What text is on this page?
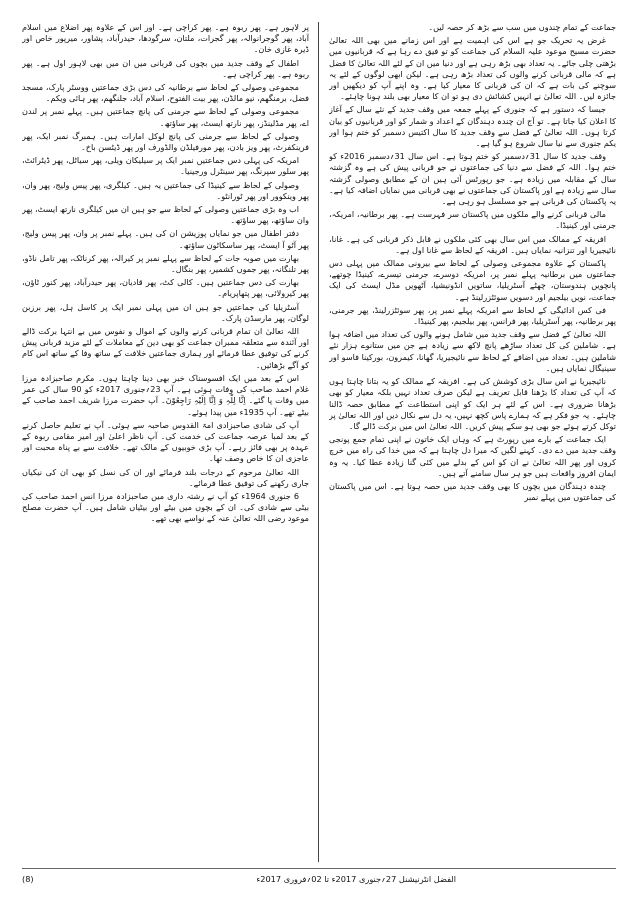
جماعت کے تمام چندوں میں سب سے بڑھ کر حصہ لیں۔

غرض یہ تحریک جو ہے اس کی اہمیت ہے اور اس زمانے میں بھی اللہ تعالیٰ حضرت مسیح موعود علیہ السلام کی جماعت کو تو فیق دے رہا ہے کہ قربانیوں میں بڑھتی چلی جائے۔ یہ تعداد بھی بڑھ رہی ہے اور دنیا میں ان کے لئے اللہ تعالیٰ کا فضل ہے کہ مالی قربانی کرنے والوں کی تعداد بڑھ رہی ہے۔ لیکن ابھی لوگوں کے لئے یہ سوچنے کی بات ہے کہ ان کی قربانی کا معیار کیا ہے۔ وہ اپنے آپ کو دیکھیں اور جائزہ لیں۔ اللہ تعالیٰ نے انہیں کشائش دی ہو تو ان کا معیار بھی بلند ہونا چاہئے۔

جیسا کہ دستور ہے کہ جنوری کے پہلے جمعہ میں وقف جدید کے نئے سال کے آغاز کا اعلان کیا جاتا ہے۔ تو آج ان چندہ دہندگان کے اعداد و شمار کو اور قربانیوں کو بیان کرتا ہوں۔ اللہ تعالیٰ کے فضل سے وقف جدید کا سال اکتیس دسمبر کو ختم ہوا اور یکم جنوری سے نیا سال شروع ہو گیا ہے۔

وقف جدید کا سال 31؍دسمبر کو ختم ہوتا ہے۔ اس سال 31؍دسمبر 2016ء کو ختم ہوا۔ اللہ کے فضل سے دنیا کی جماعتوں نے جو قربانی پیش کی ہے وہ گزشتہ سال کے مقابلہ میں زیادہ ہے۔ جو رپورٹس آئی ہیں ان کے مطابق وصولی گزشتہ سال سے زیادہ ہے اور پاکستان کی جماعتوں نے بھی قربانی میں نمایاں اضافہ کیا ہے۔ یہ پاکستان کی قربانی ہے جو مسلسل ہو رہی ہے۔

مالی قربانی کرنے والے ملکوں میں پاکستان سر فہرست ہے۔ پھر برطانیہ، امریکہ، جرمنی اور کینیڈا۔

افریقہ کے ممالک میں اس سال بھی کئی ملکوں نے قابل ذکر قربانی کی ہے۔ غانا، نائیجیریا اور تنزانیہ نمایاں ہیں۔ افریقہ کے لحاظ سے غانا اول ہے۔

پاکستان کے علاوہ مجموعی وصولی کے لحاظ سے بیرونی ممالک میں پہلی دس جماعتوں میں برطانیہ پہلے نمبر پر، امریکہ دوسرے، جرمنی تیسرے، کینیڈا چوتھے، پانچویں ہندوستان، چھٹے آسٹریلیا، ساتویں انڈونیشیا، آٹھویں مڈل ایسٹ کی ایک جماعت، نویں بیلجیم اور دسویں سوئٹزرلینڈ ہے۔

فی کس ادائیگی کے لحاظ سے امریکہ پہلے نمبر پر، پھر سوئٹزرلینڈ، پھر جرمنی، پھر برطانیہ، پھر آسٹریلیا، پھر فرانس، پھر بیلجیم، پھر کینیڈا۔

اللہ تعالیٰ کے فضل سے وقف جدید میں شامل ہونے والوں کی تعداد میں اضافہ ہوا ہے۔ شاملین کی کل تعداد ساڑھے پانچ لاکھ سے زیادہ ہے جن میں ستانوے ہزار نئے شاملین ہیں۔ تعداد میں اضافے کے لحاظ سے نائیجیریا، گھانا، کیمرون، بورکینا فاسو اور سینیگال نمایاں ہیں۔

نائیجیریا نے اس سال بڑی کوشش کی ہے۔ افریقہ کے ممالک کو یہ بتانا چاہتا ہوں کہ آپ کی تعداد کا بڑھنا قابل تعریف ہے لیکن صرف تعداد نہیں بلکہ معیار کو بھی بڑھانا ضروری ہے۔ اس کے لئے ہر ایک کو اپنی استطاعت کے مطابق حصہ ڈالنا چاہئے۔ یہ جو فکر ہے کہ ہمارے پاس کچھ نہیں، یہ دل سے نکال دیں اور اللہ تعالیٰ پر توکل کرتے ہوئے جو بھی ہو سکے پیش کریں۔ اللہ تعالیٰ اس میں برکت ڈالے گا۔

ایک جماعت کے بارے میں رپورٹ ہے کہ وہاں ایک خاتون نے اپنی تمام جمع پونجی وقف جدید میں دے دی۔ کہنے لگیں کہ میرا دل چاہتا ہے کہ میں خدا کی راہ میں خرچ کروں اور پھر اللہ تعالیٰ نے ان کو اس کے بدلے میں کئی گنا زیادہ عطا کیا۔ یہ وہ ایمان افروز واقعات ہیں جو ہر سال سامنے آتے ہیں۔

چندہ دہندگان میں بچوں کا بھی وقف جدید میں حصہ ہوتا ہے۔ اس میں پاکستان کی جماعتوں میں پہلے نمبر

پر لاہور ہے۔ پھر ربوہ ہے۔ پھر کراچی ہے۔ اور اس کے علاوہ پھر اضلاع میں اسلام آباد، پھر گوجرانوالہ، پھر گجرات، ملتان، سرگودھا، حیدرآباد، پشاور، میرپور خاص اور ڈیرہ غازی خان۔

اطفال کے وقف جدید میں بچوں کی قربانی میں ان میں بھی لاہور اول ہے۔ پھر ربوہ ہے۔ پھر کراچی ہے۔

مجموعی وصولی کے لحاظ سے برطانیہ کی دس بڑی جماعتیں ووسٹر پارک، مسجد فضل، برمنگھم، نیو مالڈن، پھر بیت الفتوح، اسلام آباد، جلنگھم، پھر ہائی ویکم۔

مجموعی وصولی کے لحاظ سے جرمنی کی پانچ جماعتیں ہیں۔ پہلے نمبر پر لندن اے، پھر مڈلینڈز، پھر نارتھ ایسٹ، پھر ساؤتھ۔

وصولی کے لحاظ سے جرمنی کی پانچ لوکل امارات ہیں۔ ہمبرگ نمبر ایک، پھر فرینکفرٹ، پھر ویز بادن، پھر مورفیلڈن والڈورف اور پھر ڈیٹسن باخ۔

امریکہ کی پہلی دس جماعتیں نمبر ایک پر سیلیکان ویلی، پھر سیاٹل، پھر ڈیٹرائٹ، پھر سلور سپرنگ، پھر سینٹرل ورجینیا۔

وصولی کے لحاظ سے کینیڈا کی جماعتیں یہ ہیں۔ کیلگری، پھر پیس ولیج، پھر وان، پھر وینکوور اور پھر ٹورانٹو۔

اب وہ بڑی جماعتیں وصولی کے لحاظ سے جو ہیں ان میں کیلگری نارتھ ایسٹ، پھر وان ساؤتھ، پھر ساؤتھ۔

دفتر اطفال میں جو نمایاں پوزیشن ان کی ہیں۔ پہلے نمبر پر وان، پھر پیس ولیج، پھر آٹو آ ایسٹ، پھر ساسکاٹون ساؤتھ۔

بھارت میں صوبہ جات کے لحاظ سے پہلے نمبر پر کیرالہ، پھر کرناٹک، پھر تامل ناڈو، پھر تلنگانہ، پھر جموں کشمیر، پھر بنگال۔

بھارت کی دس جماعتیں ہیں۔ کالی کٹ، پھر قادیان، پھر حیدرآباد، پھر کنور ٹاؤن، پھر کیرولائی، پھر پتھاپریام۔

آسٹریلیا کی جماعتیں جو ہیں ان میں پہلی نمبر ایک پر کاسل ہل، پھر برزبن لوگان، پھر مارسڈن پارک۔

اللہ تعالیٰ ان تمام قربانی کرنے والوں کے اموال و نفوس میں بے انتہا برکت ڈالے اور آئندہ سے متعلقہ ممبران جماعت کو بھی دین کے معاملات کے لئے مزید قربانی پیش کرنے کی توفیق عطا فرمائے اور ہماری جماعتیں خلافت کے ساتھ وفا کے ساتھ اس کام کو آگے بڑھائیں۔

اس کے بعد میں ایک افسوسناک خبر بھی دینا چاہتا ہوں۔ مکرم صاحبزادہ مرزا غلام احمد صاحب کی وفات ہوئی ہے۔ آپ 23؍جنوری 2017ء کو 90 سال کی عمر میں وفات پا گئے۔ اِنَّا لِلّٰہِ وَ اِنَّا اِلَیْہِ رَاجِعُوْنَ۔ آپ حضرت مرزا شریف احمد صاحب کے بیٹے تھے۔ آپ 1935ء میں پیدا ہوئے۔

آپ کی شادی صاحبزادی امۃ القدوس صاحبہ سے ہوئی۔ آپ نے تعلیم حاصل کرنے کے بعد لمبا عرصہ جماعت کی خدمت کی۔ آپ ناظر اعلیٰ اور امیر مقامی ربوہ کے عہدہ پر بھی فائز رہے۔ آپ بڑی خوبیوں کے مالک تھے۔ خلافت سے بے پناہ محبت اور عاجزی ان کا خاص وصف تھا۔

اللہ تعالیٰ مرحوم کے درجات بلند فرمائے اور ان کی نسل کو بھی ان کی نیکیاں جاری رکھنے کی توفیق عطا فرمائے۔

6 جنوری 1964ء کو آپ نے رشتہ داری میں صاحبزادہ مرزا انس احمد صاحب کی بیٹی سے شادی کی۔ ان کے بچوں میں بیٹے اور بیٹیاں شامل ہیں۔ آپ حضرت مصلح موعود رضی اللہ تعالیٰ عنہ کے نواسے بھی تھے۔

الفضل انٹرنیشنل 27؍جنوری 2017ء تا 02؍فروری 2017ء
(8)
